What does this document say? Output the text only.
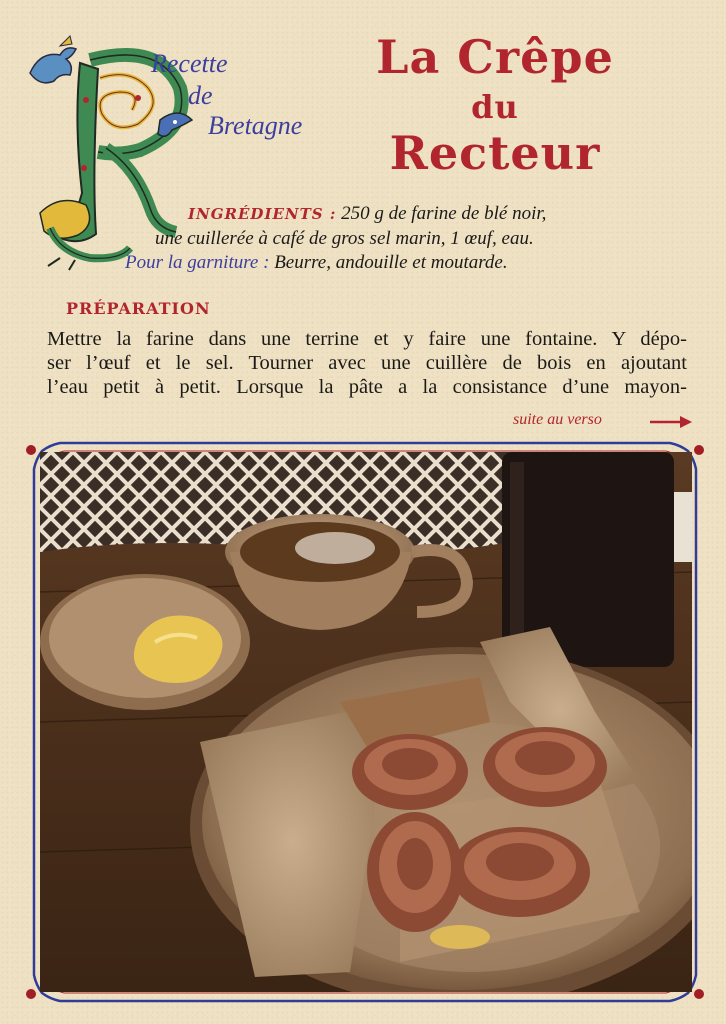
Recette
de
Bretagne
La Crêpe
du
Recteur
INGRÉDIENTS : 250 g de farine de blé noir,
une cuillerée à café de gros sel marin, 1 œuf, eau.
Pour la garniture : Beurre, andouille et moutarde.
PRÉPARATION

Mettre la farine dans une terrine et y faire une fontaine. Y dépo-

ser l’œuf et le sel. Tourner avec une cuillère de bois en ajoutant

l’eau petit à petit. Lorsque la pâte a la consistance d’une mayon-

suite au verso
